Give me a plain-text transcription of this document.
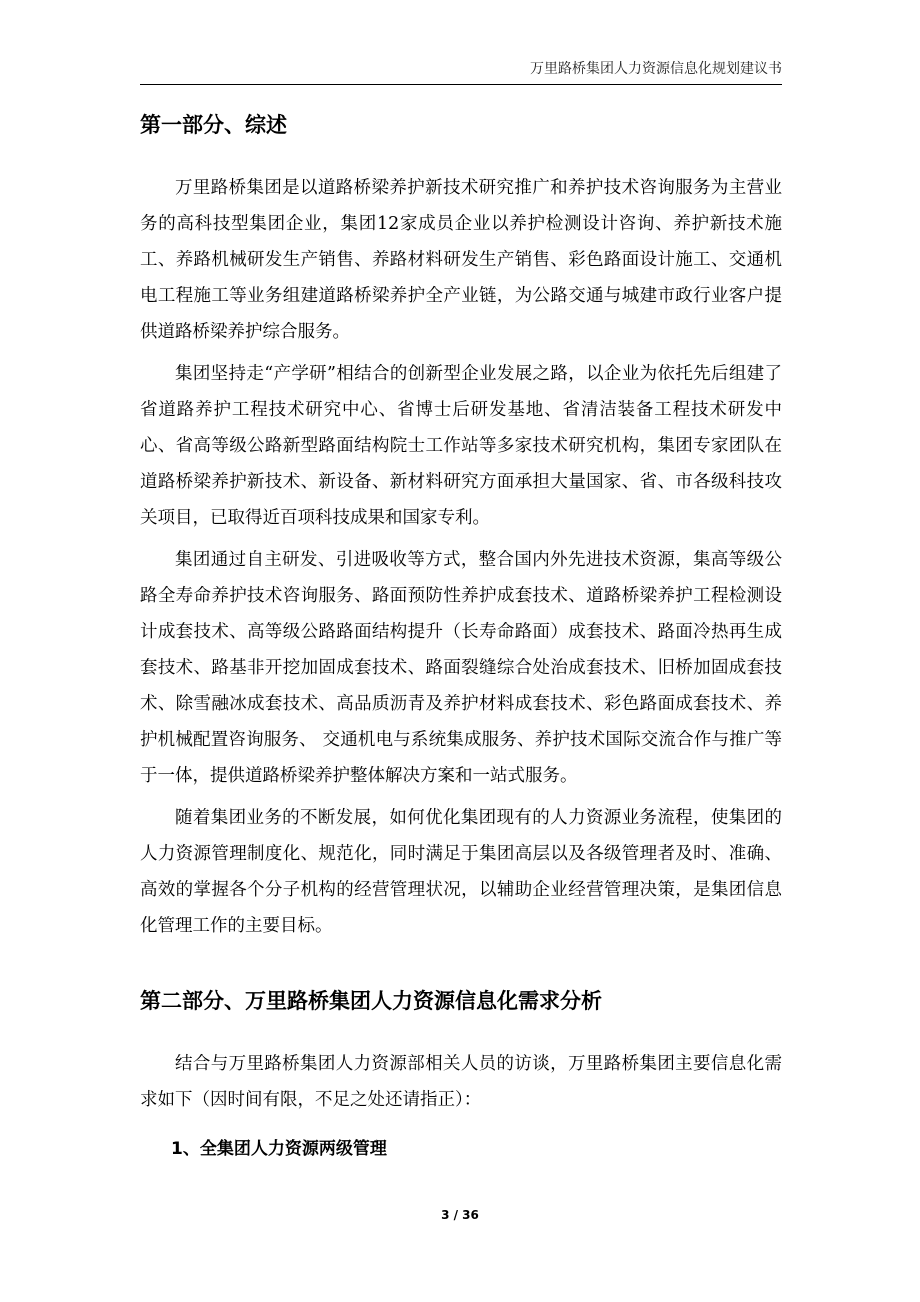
万里路桥集团人力资源信息化规划建议书
第一部分、综述

万里路桥集团是以道路桥梁养护新技术研究推广和养护技术咨询服务为主营业务的高科技型集团企业，集团12家成员企业以养护检测设计咨询、养护新技术施工、养路机械研发生产销售、养路材料研发生产销售、彩色路面设计施工、交通机电工程施工等业务组建道路桥梁养护全产业链，为公路交通与城建市政行业客户提供道路桥梁养护综合服务。

集团坚持走“产学研”相结合的创新型企业发展之路，以企业为依托先后组建了省道路养护工程技术研究中心、省博士后研发基地、省清洁装备工程技术研发中心、省高等级公路新型路面结构院士工作站等多家技术研究机构，集团专家团队在道路桥梁养护新技术、新设备、新材料研究方面承担大量国家、省、市各级科技攻关项目，已取得近百项科技成果和国家专利。

集团通过自主研发、引进吸收等方式，整合国内外先进技术资源，集高等级公路全寿命养护技术咨询服务、路面预防性养护成套技术、道路桥梁养护工程检测设计成套技术、高等级公路路面结构提升（长寿命路面）成套技术、路面冷热再生成套技术、路基非开挖加固成套技术、路面裂缝综合处治成套技术、旧桥加固成套技术、除雪融冰成套技术、高品质沥青及养护材料成套技术、彩色路面成套技术、养护机械配置咨询服务、 交通机电与系统集成服务、养护技术国际交流合作与推广等于一体，提供道路桥梁养护整体解决方案和一站式服务。

随着集团业务的不断发展，如何优化集团现有的人力资源业务流程，使集团的人力资源管理制度化、规范化，同时满足于集团高层以及各级管理者及时、准确、高效的掌握各个分子机构的经营管理状况，以辅助企业经营管理决策，是集团信息化管理工作的主要目标。

第二部分、万里路桥集团人力资源信息化需求分析

结合与万里路桥集团人力资源部相关人员的访谈，万里路桥集团主要信息化需求如下（因时间有限，不足之处还请指正）：

1、全集团人力资源两级管理
3 / 36
